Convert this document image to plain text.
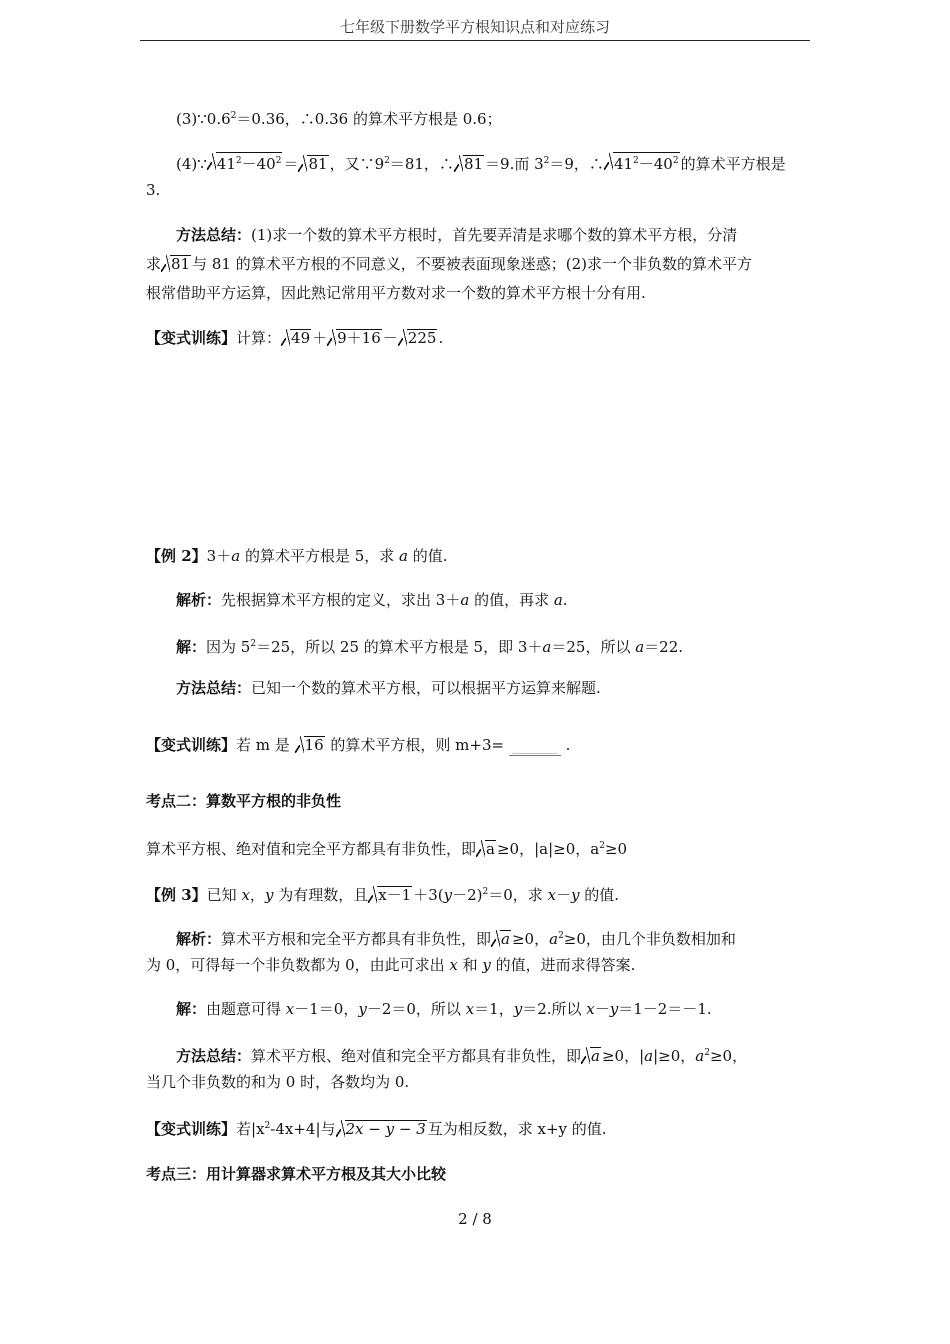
七年级下册数学平方根知识点和对应练习
$(3)\because 0.6^2=0.36$，∴0.36 的算术平方根是 0.6；
(4)∵ $41^2-40^2 = 81$ ，又$\because 9^2=81$，∴ 81 ＝9.而 $3^2=9$，∴ $41^2-40^2$ 的算术平方根是
3.
方法总结：(1)求一个数的算术平方根时，首先要弄清是求哪个数的算术平方根，分清
求 81 与 81 的算术平方根的不同意义，不要被表面现象迷惑；(2)求一个非负数的算术平方
根常借助平方运算，因此熟记常用平方数对求一个数的算术平方根十分有用.
【变式训练】计算： 49 ＋ 9＋16 － 225 .
【例 2】3＋a 的算术平方根是 5，求 a 的值.
解析：先根据算术平方根的定义，求出 3＋a 的值，再求 a.
解：因为 $5^2=25$，所以 25 的算术平方根是 5，即 3＋a＝25，所以 a＝22.
方法总结：已知一个数的算术平方根，可以根据平方运算来解题.
【变式训练】若 m 是 16 的算术平方根，则 m+3= ______ .
考点二：算数平方根的非负性
算术平方根、绝对值和完全平方都具有非负性，即 a ≥0，|a|≥0，$a^2\ge 0$
【例 3】已知 x，y 为有理数，且 $x-1 +3(y-2)^2=0$，求 x－y 的值.
解析：算术平方根和完全平方都具有非负性，即 a ≥0，$a^2\ge 0$，由几个非负数相加和
为 0，可得每一个非负数都为 0，由此可求出 x 和 y 的值，进而求得答案.
解：由题意可得 x－1＝0，y－2＝0，所以 x＝1，y＝2.所以 x－y＝1－2＝－1.
方法总结：算术平方根、绝对值和完全平方都具有非负性，即 a ≥0，|a|≥0，$a^2\ge 0$，
当几个非负数的和为 0 时，各数均为 0.
【变式训练】若$|x^2-4x+4|$与 2x − y − 3 互为相反数，求 x+y 的值.
考点三：用计算器求算术平方根及其大小比较
2 / 8
